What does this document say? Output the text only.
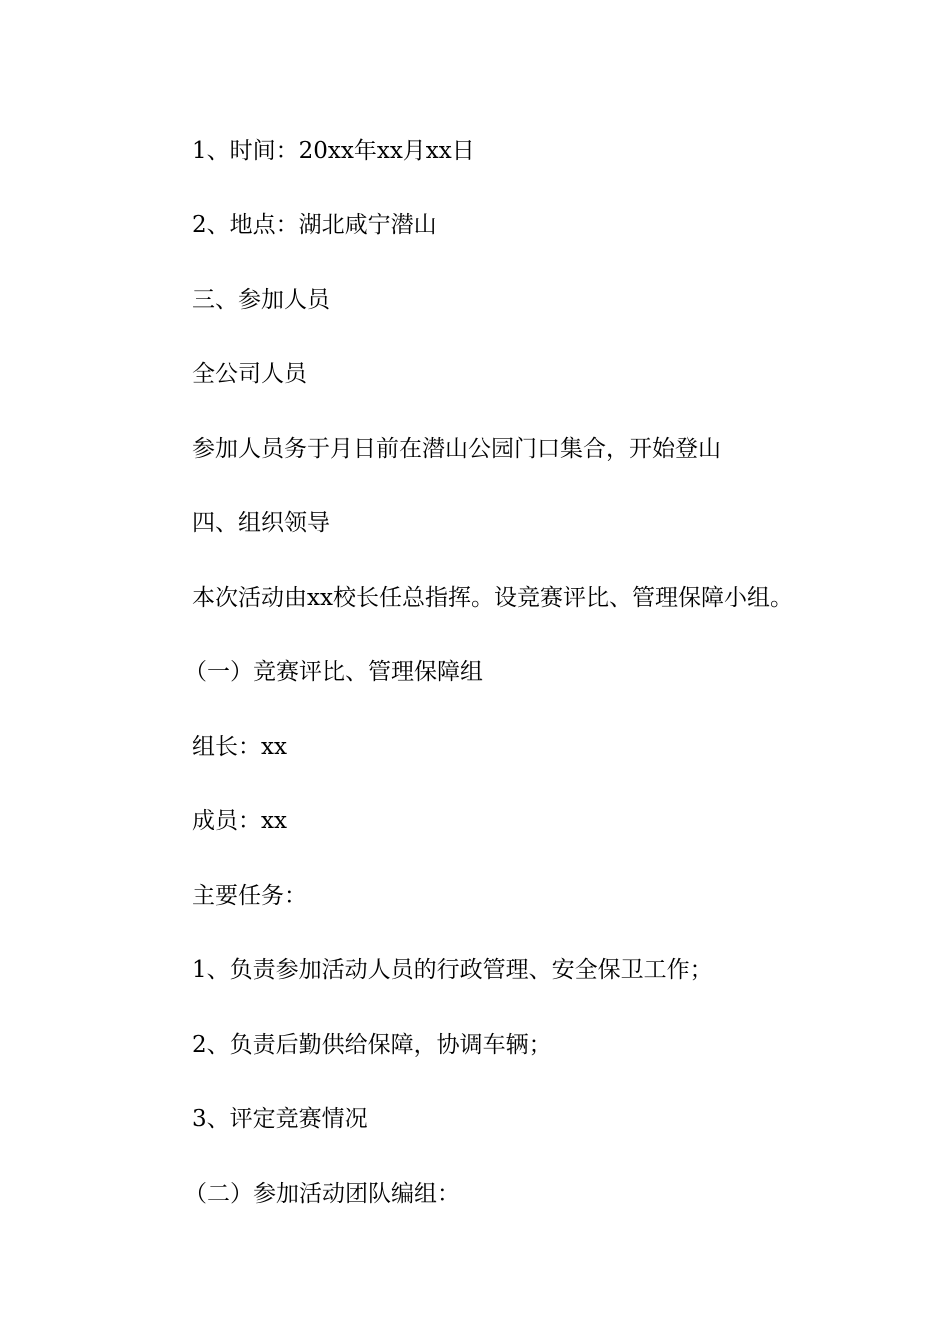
1、时间：20xx年xx月xx日

2、地点：湖北咸宁潜山

三、参加人员

全公司人员

参加人员务于月日前在潜山公园门口集合，开始登山

四、组织领导

本次活动由xx校长任总指挥。设竞赛评比、管理保障小组。

（一）竞赛评比、管理保障组

组长：xx

成员：xx

主要任务：

1、负责参加活动人员的行政管理、安全保卫工作；

2、负责后勤供给保障，协调车辆；

3、评定竞赛情况

（二）参加活动团队编组：
